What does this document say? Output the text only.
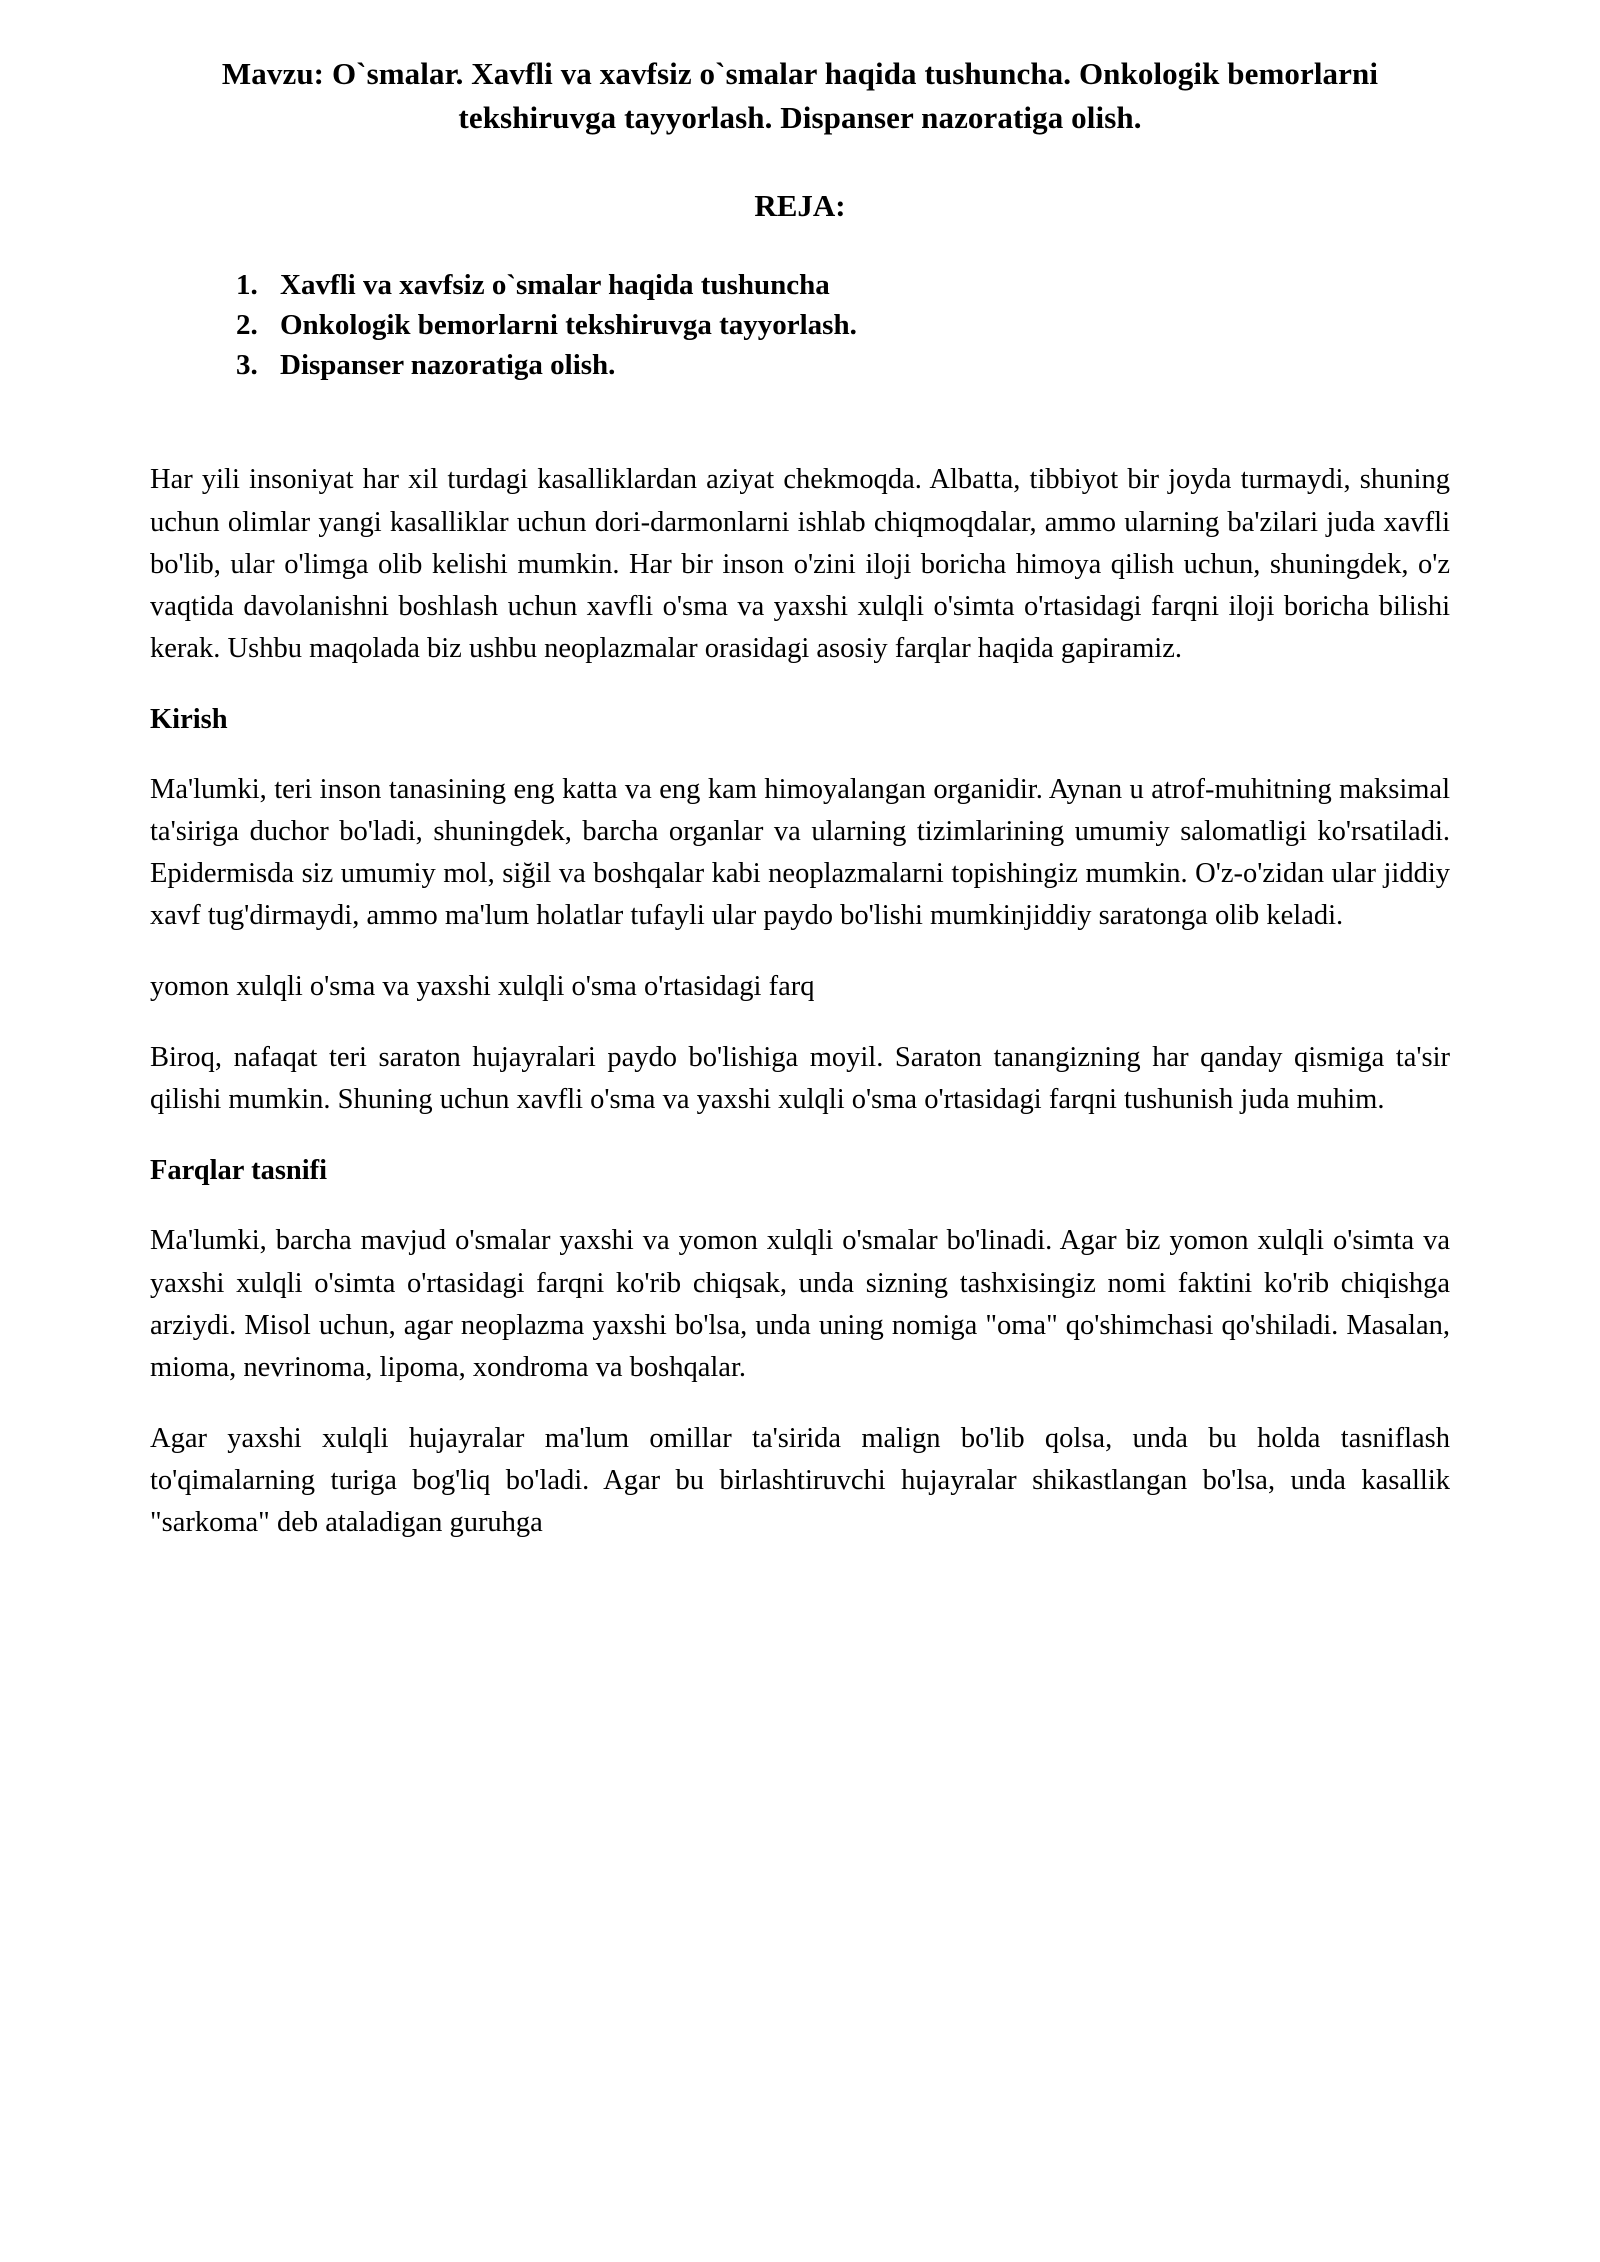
Mavzu: O`smalar. Xavfli va xavfsiz o`smalar haqida tushuncha. Onkologik bemorlarni tekshiruvga tayyorlash. Dispanser nazoratiga olish.
REJA:
1. Xavfli va xavfsiz o`smalar haqida tushuncha
2. Onkologik bemorlarni tekshiruvga tayyorlash.
3. Dispanser nazoratiga olish.

Har yili insoniyat har xil turdagi kasalliklardan aziyat chekmoqda. Albatta, tibbiyot bir joyda turmaydi, shuning uchun olimlar yangi kasalliklar uchun dori-darmonlarni ishlab chiqmoqdalar, ammo ularning ba'zilari juda xavfli bo'lib, ular o'limga olib kelishi mumkin. Har bir inson o'zini iloji boricha himoya qilish uchun, shuningdek, o'z vaqtida davolanishni boshlash uchun xavfli o'sma va yaxshi xulqli o'simta o'rtasidagi farqni iloji boricha bilishi kerak. Ushbu maqolada biz ushbu neoplazmalar orasidagi asosiy farqlar haqida gapiramiz.

Kirish

Ma'lumki, teri inson tanasining eng katta va eng kam himoyalangan organidir. Aynan u atrof-muhitning maksimal ta'siriga duchor bo'ladi, shuningdek, barcha organlar va ularning tizimlarining umumiy salomatligi ko'rsatiladi. Epidermisda siz umumiy mol, siğil va boshqalar kabi neoplazmalarni topishingiz mumkin. O'z-o'zidan ular jiddiy xavf tug'dirmaydi, ammo ma'lum holatlar tufayli ular paydo bo'lishi mumkinjiddiy saratonga olib keladi.

yomon xulqli o'sma va yaxshi xulqli o'sma o'rtasidagi farq

Biroq, nafaqat teri saraton hujayralari paydo bo'lishiga moyil. Saraton tanangizning har qanday qismiga ta'sir qilishi mumkin. Shuning uchun xavfli o'sma va yaxshi xulqli o'sma o'rtasidagi farqni tushunish juda muhim.

Farqlar tasnifi

Ma'lumki, barcha mavjud o'smalar yaxshi va yomon xulqli o'smalar bo'linadi. Agar biz yomon xulqli o'simta va yaxshi xulqli o'simta o'rtasidagi farqni ko'rib chiqsak, unda sizning tashxisingiz nomi faktini ko'rib chiqishga arziydi. Misol uchun, agar neoplazma yaxshi bo'lsa, unda uning nomiga "oma" qo'shimchasi qo'shiladi. Masalan, mioma, nevrinoma, lipoma, xondroma va boshqalar.

Agar yaxshi xulqli hujayralar ma'lum omillar ta'sirida malign bo'lib qolsa, unda bu holda tasniflash to'qimalarning turiga bog'liq bo'ladi. Agar bu birlashtiruvchi hujayralar shikastlangan bo'lsa, unda kasallik "sarkoma" deb ataladigan guruhga
